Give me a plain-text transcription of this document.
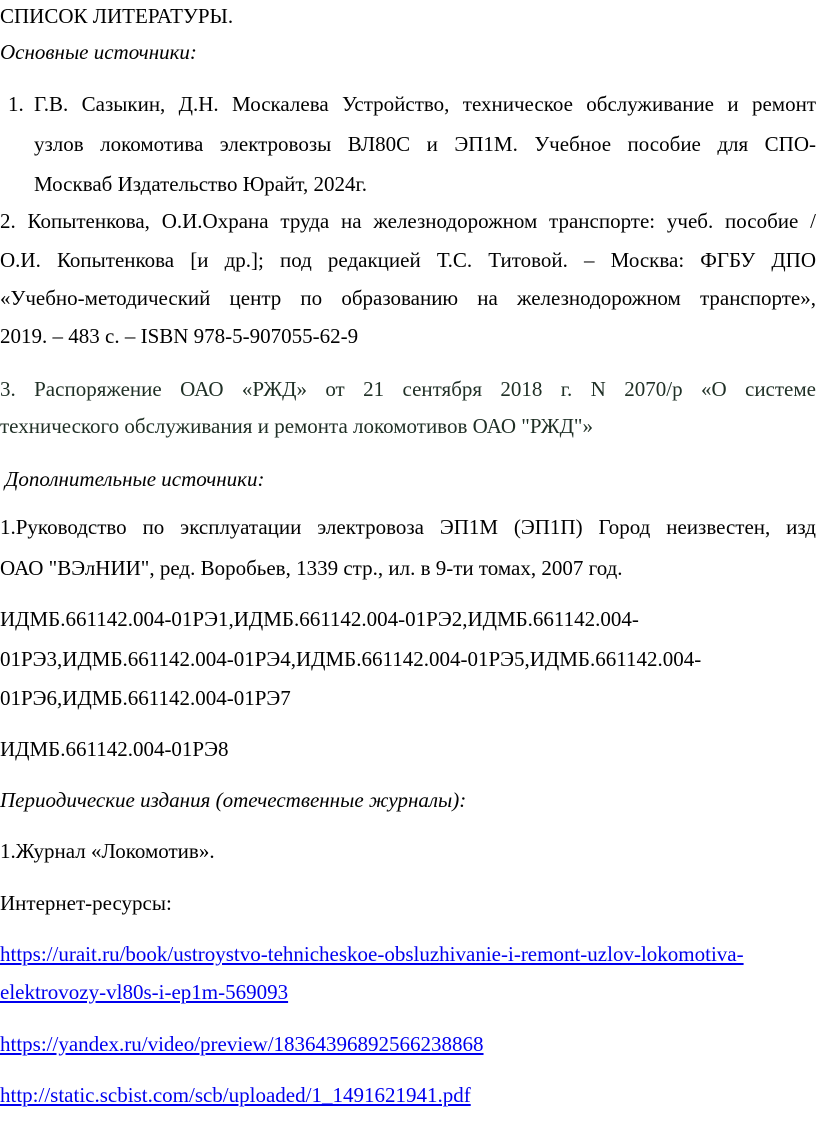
СПИСОК ЛИТЕРАТУРЫ.
Основные источники:
1. Г.В. Сазыкин, Д.Н. Москалева Устройство, техническое обслуживание и ремонт
узлов локомотива электровозы ВЛ80С и ЭП1М. Учебное пособие для СПО-
Москваб Издательство Юрайт, 2024г.
2. Копытенкова, О.И.Охрана труда на железнодорожном транспорте: учеб. пособие /
О.И. Копытенкова [и др.]; под редакцией Т.С. Титовой. – Москва: ФГБУ ДПО
«Учебно-методический центр по образованию на железнодорожном транспорте»,
2019. – 483 с. – ISBN 978-5-907055-62-9
3. Распоряжение ОАО «РЖД» от 21 сентября 2018 г. N 2070/р «О системе
технического обслуживания и ремонта локомотивов ОАО "РЖД"»
Дополнительные источники:
1.Руководство по эксплуатации электровоза ЭП1М (ЭП1П) Город неизвестен, изд
ОАО "ВЭлНИИ", ред. Воробьев, 1339 стр., ил. в 9-ти томах, 2007 год.
ИДМБ.661142.004-01РЭ1,ИДМБ.661142.004-01РЭ2,ИДМБ.661142.004-
01РЭ3,ИДМБ.661142.004-01РЭ4,ИДМБ.661142.004-01РЭ5,ИДМБ.661142.004-
01РЭ6,ИДМБ.661142.004-01РЭ7
ИДМБ.661142.004-01РЭ8
Периодические издания (отечественные журналы):
1.Журнал «Локомотив».
Интернет-ресурсы:
https://urait.ru/book/ustroystvo-tehnicheskoe-obsluzhivanie-i-remont-uzlov-lokomotiva-
elektrovozy-vl80s-i-ep1m-569093
https://yandex.ru/video/preview/18364396892566238868
http://static.scbist.com/scb/uploaded/1_1491621941.pdf
